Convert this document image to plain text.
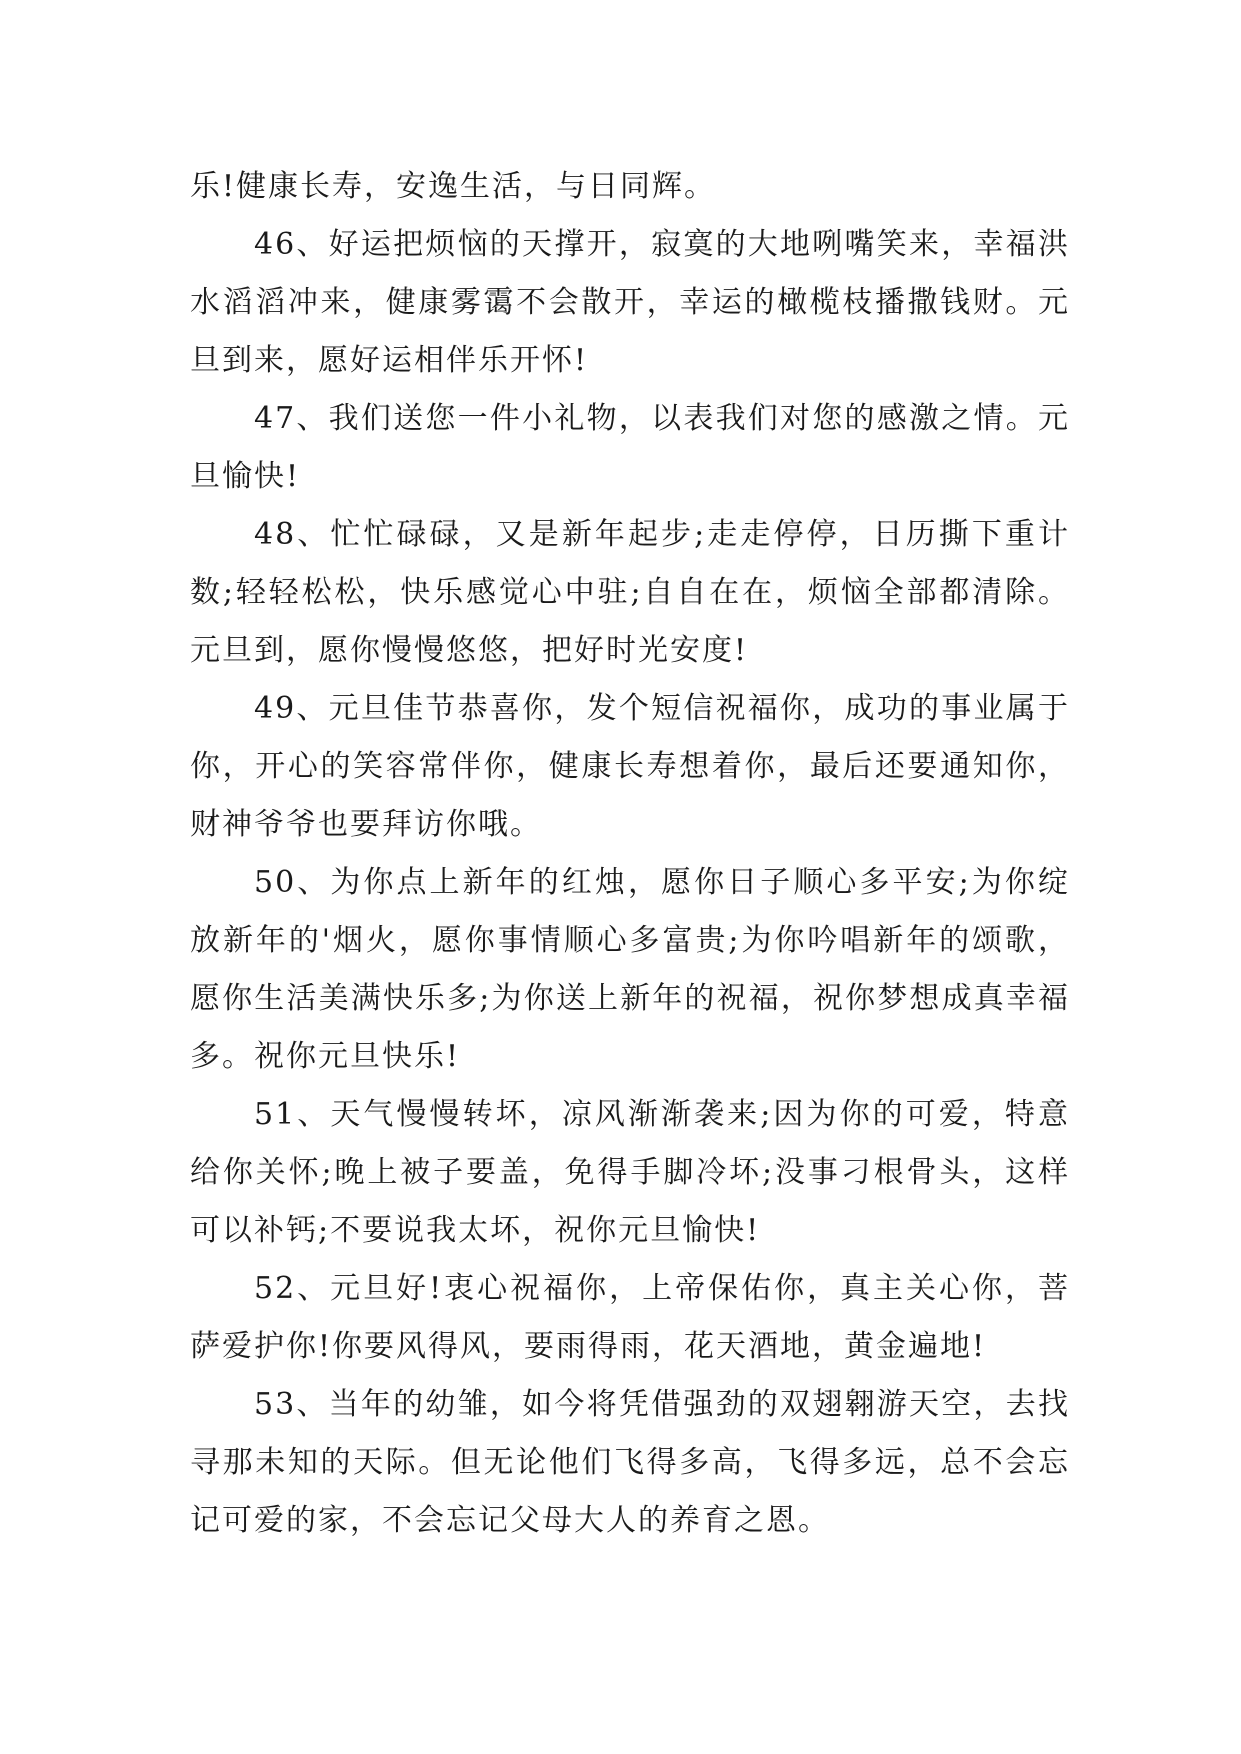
乐!健康长寿，安逸生活，与日同辉。

46、好运把烦恼的天撑开，寂寞的大地咧嘴笑来，幸福洪水滔滔冲来，健康雾霭不会散开，幸运的橄榄枝播撒钱财。元旦到来，愿好运相伴乐开怀!

47、我们送您一件小礼物，以表我们对您的感激之情。元旦愉快!

48、忙忙碌碌，又是新年起步;走走停停，日历撕下重计数;轻轻松松，快乐感觉心中驻;自自在在，烦恼全部都清除。元旦到，愿你慢慢悠悠，把好时光安度!

49、元旦佳节恭喜你，发个短信祝福你，成功的事业属于你，开心的笑容常伴你，健康长寿想着你，最后还要通知你，财神爷爷也要拜访你哦。

50、为你点上新年的红烛，愿你日子顺心多平安;为你绽放新年的'烟火，愿你事情顺心多富贵;为你吟唱新年的颂歌，愿你生活美满快乐多;为你送上新年的祝福，祝你梦想成真幸福多。祝你元旦快乐!

51、天气慢慢转坏，凉风渐渐袭来;因为你的可爱，特意给你关怀;晚上被子要盖，免得手脚冷坏;没事刁根骨头，这样可以补钙;不要说我太坏，祝你元旦愉快!

52、元旦好!衷心祝福你，上帝保佑你，真主关心你，菩萨爱护你!你要风得风，要雨得雨，花天酒地，黄金遍地!

53、当年的幼雏，如今将凭借强劲的双翅翱游天空，去找寻那未知的天际。但无论他们飞得多高，飞得多远，总不会忘记可爱的家，不会忘记父母大人的养育之恩。
